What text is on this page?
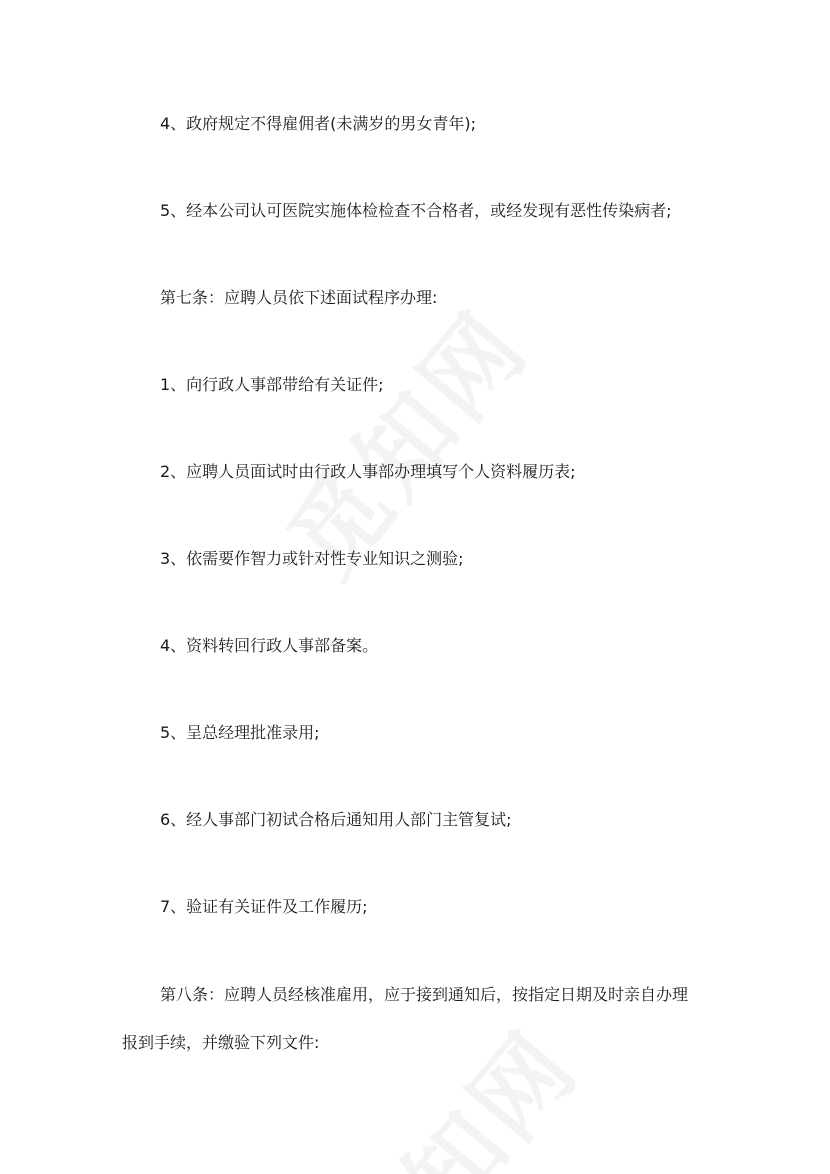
4、政府规定不得雇佣者(未满岁的男女青年);

5、经本公司认可医院实施体检检查不合格者，或经发现有恶性传染病者;

第七条：应聘人员依下述面试程序办理:

1、向行政人事部带给有关证件;

2、应聘人员面试时由行政人事部办理填写个人资料履历表;

3、依需要作智力或针对性专业知识之测验;

4、资料转回行政人事部备案。

5、呈总经理批准录用;

6、经人事部门初试合格后通知用人部门主管复试;

7、验证有关证件及工作履历;

第八条：应聘人员经核准雇用，应于接到通知后，按指定日期及时亲自办理
报到手续，并缴验下列文件:
